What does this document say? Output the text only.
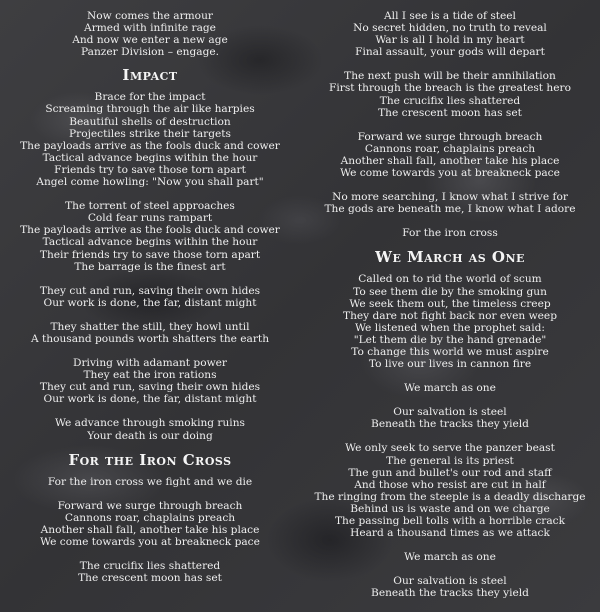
Now comes the armour
Armed with infinite rage
And now we enter a new age
Panzer Division – engage.
Impact
Brace for the impact
Screaming through the air like harpies
Beautiful shells of destruction
Projectiles strike their targets
The payloads arrive as the fools duck and cower
Tactical advance begins within the hour
Friends try to save those torn apart
Angel come howling: "Now you shall part"
The torrent of steel approaches
Cold fear runs rampart
The payloads arrive as the fools duck and cower
Tactical advance begins within the hour
Their friends try to save those torn apart
The barrage is the finest art
They cut and run, saving their own hides
Our work is done, the far, distant might
They shatter the still, they howl until
A thousand pounds worth shatters the earth
Driving with adamant power
They eat the iron rations
They cut and run, saving their own hides
Our work is done, the far, distant might
We advance through smoking ruins
Your death is our doing
For the Iron Cross
For the iron cross we fight and we die
Forward we surge through breach
Cannons roar, chaplains preach
Another shall fall, another take his place
We come towards you at breakneck pace
The crucifix lies shattered
The crescent moon has set
All I see is a tide of steel
No secret hidden, no truth to reveal
War is all I hold in my heart
Final assault, your gods will depart
The next push will be their annihilation
First through the breach is the greatest hero
The crucifix lies shattered
The crescent moon has set
Forward we surge through breach
Cannons roar, chaplains preach
Another shall fall, another take his place
We come towards you at breakneck pace
No more searching, I know what I strive for
The gods are beneath me, I know what I adore
For the iron cross
We March as One
Called on to rid the world of scum
To see them die by the smoking gun
We seek them out, the timeless creep
They dare not fight back nor even weep
We listened when the prophet said:
"Let them die by the hand grenade"
To change this world we must aspire
To live our lives in cannon fire
We march as one
Our salvation is steel
Beneath the tracks they yield
We only seek to serve the panzer beast
The general is its priest
The gun and bullet's our rod and staff
And those who resist are cut in half
The ringing from the steeple is a deadly discharge
Behind us is waste and on we charge
The passing bell tolls with a horrible crack
Heard a thousand times as we attack
We march as one
Our salvation is steel
Beneath the tracks they yield
